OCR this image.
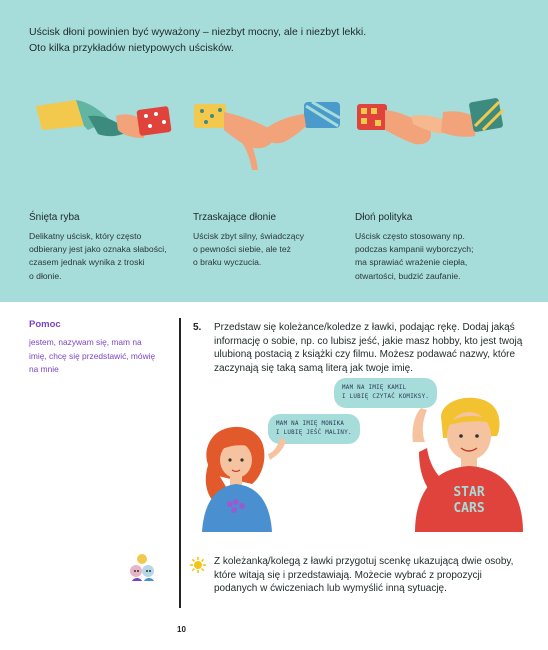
Uścisk dłoni powinien być wyważony – niezbyt mocny, ale i niezbyt lekki.
Oto kilka przykładów nietypowych uścisków.
Śnięta ryba
Delikatny uścisk, który często
odbierany jest jako oznaka słabości,
czasem jednak wynika z troski
o dłonie.
Trzaskające dłonie
Uścisk zbyt silny, świadczący
o pewności siebie, ale też
o braku wyczucia.
Dłoń polityka
Uścisk często stosowany np.
podczas kampanii wyborczych;
ma sprawiać wrażenie ciepła,
otwartości, budzić zaufanie.
Pomoc
jestem, nazywam się, mam na
imię, chcę się przedstawić, mówię
na mnie
5. Przedstaw się koleżance/koledze z ławki, podając rękę. Dodaj jakąś
informację o sobie, np. co lubisz jeść, jakie masz hobby, kto jest twoją
ulubioną postacią z książki czy filmu. Możesz podawać nazwy, które
zaczynają się taką samą literą jak twoje imię.
MAM NA IMIĘ KAMIL
I LUBIĘ CZYTAĆ KOMIKSY.
MAM NA IMIĘ MONIKA
I LUBIĘ JEŚĆ MALINY.
STAR
CARS
Z koleżanką/kolegą z ławki przygotuj scenkę ukazującą dwie osoby,
które witają się i przedstawiają. Możecie wybrać z propozycji
podanych w ćwiczeniach lub wymyślić inną sytuację.
10
